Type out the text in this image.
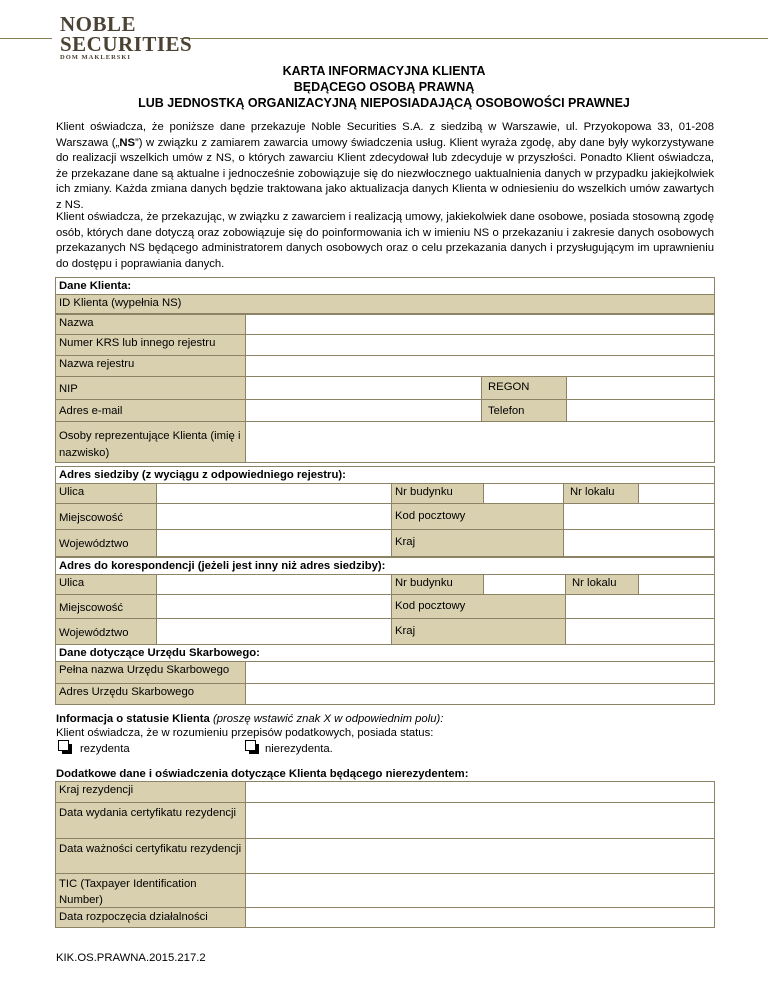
NOBLE
SECURITIES
DOM MAKLERSKI
KARTA INFORMACYJNA KLIENTA
BĘDĄCEGO OSOBĄ PRAWNĄ
LUB JEDNOSTKĄ ORGANIZACYJNĄ NIEPOSIADAJĄCĄ OSOBOWOŚCI PRAWNEJ
Klient oświadcza, że poniższe dane przekazuje Noble Securities S.A. z siedzibą w Warszawie, ul. Przyokopowa 33, 01-208 Warszawa („NS”) w związku z zamiarem zawarcia umowy świadczenia usług. Klient wyraża zgodę, aby dane były wykorzystywane do realizacji wszelkich umów z NS, o których zawarciu Klient zdecydował lub zdecyduje w przyszłości. Ponadto Klient oświadcza, że przekazane dane są aktualne i jednocześnie zobowiązuje się do niezwłocznego uaktualnienia danych w przypadku jakiejkolwiek ich zmiany. Każda zmiana danych będzie traktowana jako aktualizacja danych Klienta w odniesieniu do wszelkich umów zawartych z NS.
Klient oświadcza, że przekazując, w związku z zawarciem i realizacją umowy, jakiekolwiek dane osobowe, posiada stosowną zgodę osób, których dane dotyczą oraz zobowiązuje się do poinformowania ich w imieniu NS o przekazaniu i zakresie danych osobowych przekazanych NS będącego administratorem danych osobowych oraz o celu przekazania danych i przysługującym im uprawnieniu do dostępu i poprawiania danych.
Dane Klienta:
ID Klienta (wypełnia NS)
Nazwa
Numer KRS lub innego rejestru
Nazwa rejestru
NIP	REGON
Adres e-mail	Telefon
Osoby reprezentujące Klienta (imię i nazwisko)
Adres siedziby (z wyciągu z odpowiedniego rejestru):
Ulica	Nr budynku	Nr lokalu
Miejscowość	Kod pocztowy
Województwo	Kraj
Adres do korespondencji (jeżeli jest inny niż adres siedziby):
Ulica	Nr budynku	Nr lokalu
Miejscowość	Kod pocztowy
Województwo	Kraj
Dane dotyczące Urzędu Skarbowego:
Pełna nazwa Urzędu Skarbowego
Adres Urzędu Skarbowego
Informacja o statusie Klienta (proszę wstawić znak X w odpowiednim polu):
Klient oświadcza, że w rozumieniu przepisów podatkowych, posiada status:
rezydenta	nierezydenta.
Dodatkowe dane i oświadczenia dotyczące Klienta będącego nierezydentem:
Kraj rezydencji
Data wydania certyfikatu rezydencji
Data ważności certyfikatu rezydencji
TIC (Taxpayer Identification Number)
Data rozpoczęcia działalności
KIK.OS.PRAWNA.2015.217.2
